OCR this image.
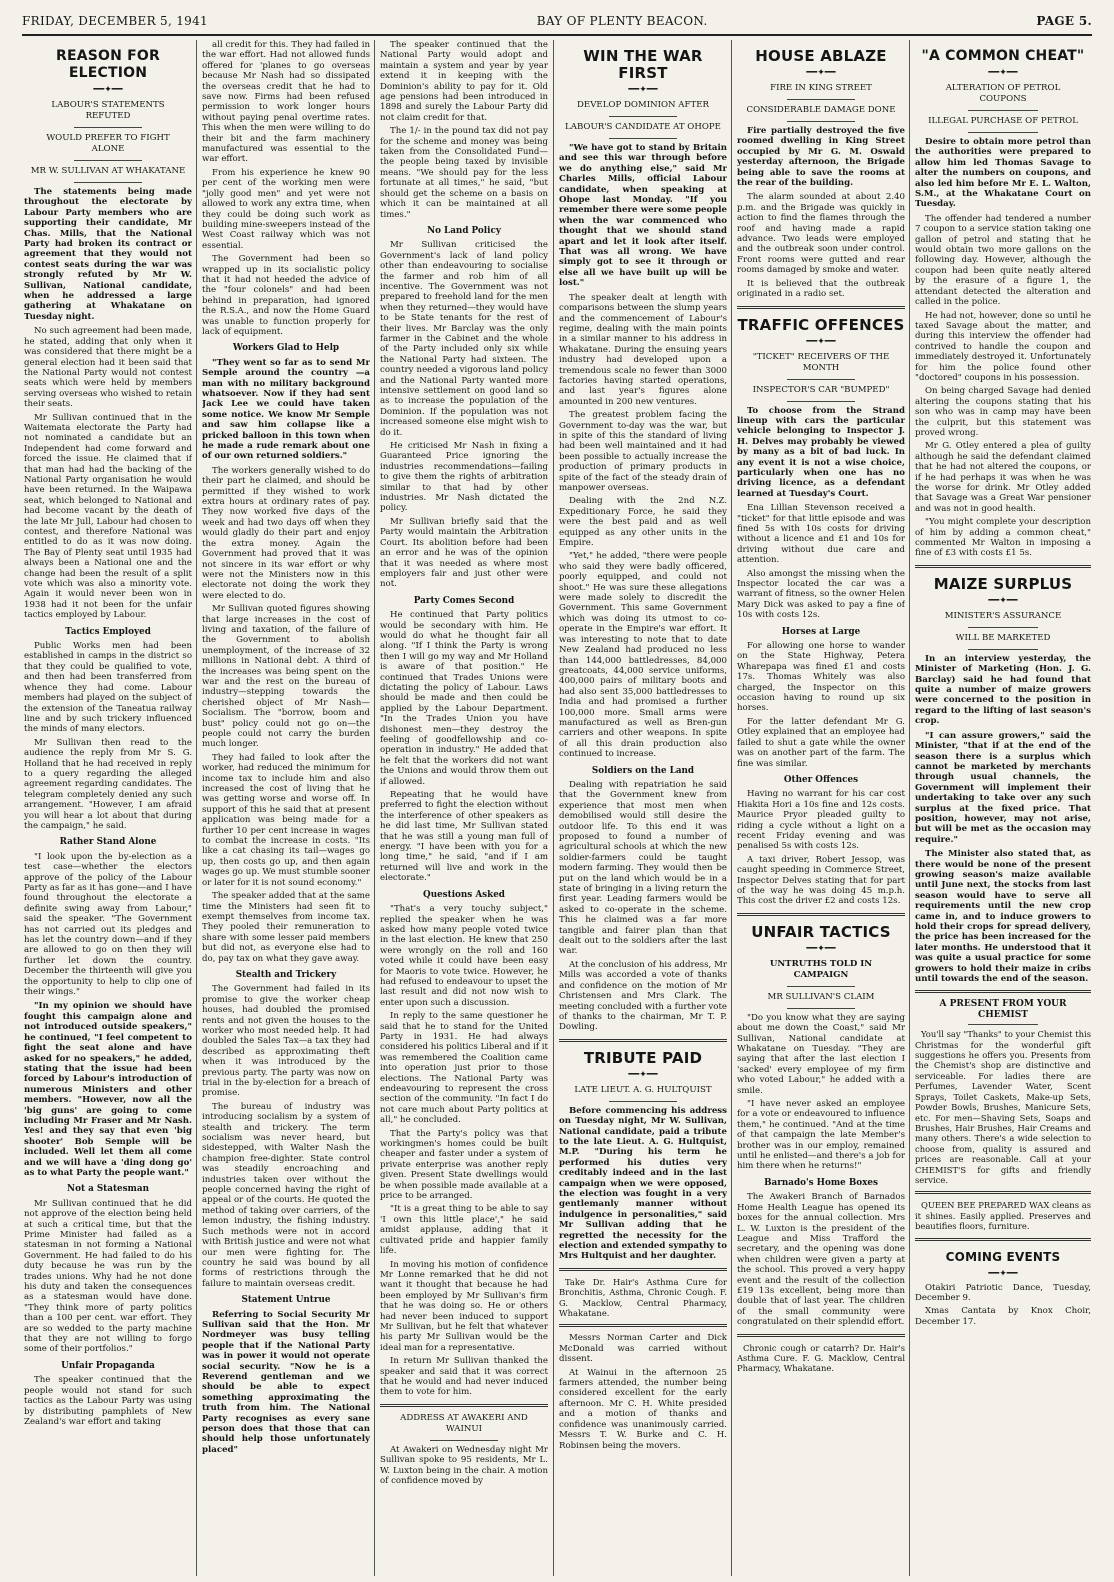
FRIDAY, DECEMBER 5, 1941	BAY OF PLENTY BEACON.	PAGE 5.
REASON FOR ELECTION
━━✦━━
LABOUR'S STATEMENTS REFUTED
WOULD PREFER TO FIGHT ALONE
MR W. SULLIVAN AT WHAKATANE

The statements being made throughout the electorate by Labour Party members who are supporting their candidate, Mr Chas. Mills, that the National Party had broken its contract or agreement that they would not contest seats during the war was strongly refuted by Mr W. Sullivan, National candidate, when he addressed a large gathering at Whakatane on Tuesday night.

No such agreement had been made, he stated, adding that only when it was considered that there might be a general election had it been said that the National Party would not contest seats which were held by members serving overseas who wished to retain their seats.

Mr Sullivan continued that in the Waitemata electorate the Party had not nominated a candidate but an Independent had come forward and forced the issue. He claimed that if that man had had the backing of the National Party organisation he would have been returned. In the Waipawa seat, which belonged to National and had become vacant by the death of the late Mr Jull, Labour had chosen to contest, and therefore National was entitled to do as it was now doing. The Bay of Plenty seat until 1935 had always been a National one and the change had been the result of a split vote which was also a minority vote. Again it would never been won in 1938 had it not been for the unfair tactics employed by Labour.

Tactics Employed

Public Works men had been established in camps in the district so that they could be qualified to vote, and then had been transferred from whence they had come. Labour members had played on the subject of the extension of the Taneatua railway line and by such trickery influenced the minds of many electors.

Mr Sullivan then read to the audience the reply from Mr S. G. Holland that he had received in reply to a query regarding the alleged agreement regarding candidates. The telegram completely denied any such arrangement. "However, I am afraid you will hear a lot about that during the campaign," he said.

Rather Stand Alone

"I look upon the by-election as a test case—whether the electors approve of the policy of the Labour Party as far as it has gone—and I have found throughout the electorate a definite swing away from Labour," said the speaker. "The Government has not carried out its pledges and has let the country down—and if they are allowed to go on then they will further let down the country. December the thirteenth will give you the opportunity to help to clip one of their wings."

"In my opinion we should have fought this campaign alone and not introduced outside speakers," he continued, "I feel competent to fight the seat alone and have asked for no speakers," he added, stating that the issue had been forced by Labour's introduction of numerous Ministers and other members. "However, now all the 'big guns' are going to come including Mr Fraser and Mr Nash. Yes! and they say that even 'big shooter' Bob Semple will be included. Well let them all come and we will have a 'ding dong go' as to what Party the people want."

Not a Statesman

Mr Sullivan continued that he did not approve of the election being held at such a critical time, but that the Prime Minister had failed as a statesman in not forming a National Government. He had failed to do his duty because he was run by the trades unions. Why had he not done his duty and taken the consequences as a statesman would have done. "They think more of party politics than a 100 per cent. war effort. They are so wedded to the party machine that they are not willing to forgo some of their portfolios."

Unfair Propaganda

The speaker continued that the people would not stand for such tactics as the Labour Party was using by distributing pamphlets of New Zealand's war effort and taking

all credit for this. They had failed in the war effort. Had not allowed funds offered for 'planes to go overseas because Mr Nash had so dissipated the overseas credit that he had to save now. Firms had been refused permission to work longer hours without paying penal overtime rates. This when the men were willing to do their bit and the farm machinery manufactured was essential to the war effort.

From his experience he knew 90 per cent of the working men were "jolly good men" and yet were not allowed to work any extra time, when they could be doing such work as building mine-sweepers instead of the West Coast railway which was not essential.

The Government had been so wrapped up in its socialistic policy that it had not heeded the advice of the "four colonels" and had been behind in preparation, had ignored the R.S.A., and now the Home Guard was unable to function properly for lack of equipment.

Workers Glad to Help

"They went so far as to send Mr Semple around the country —a man with no military background whatsoever. Now if they had sent Jack Lee we could have taken some notice. We know Mr Semple and saw him collapse like a pricked balloon in this town when he made a rude remark about one of our own returned soldiers."

The workers generally wished to do their part he claimed, and should be permitted if they wished to work extra hours at ordinary rates of pay. They now worked five days of the week and had two days off when they would gladly do their part and enjoy the extra money. Again the Government had proved that it was not sincere in its war effort or why were not the Ministers now in this electorate not doing the work they were elected to do.

Mr Sullivan quoted figures showing that large increases in the cost of living and taxation, of the failure of the Government to abolish unemployment, of the increase of 32 millions in National debt. A third of the increases was being spent on the war and the rest on the bureau of industry—stepping towards the cherished object of Mr Nash—Socialism. The "borrow, boom and bust" policy could not go on—the people could not carry the burden much longer.

They had failed to look after the worker, had reduced the minimum for income tax to include him and also increased the cost of living that he was getting worse and worse off. In support of this he said that at present application was being made for a further 10 per cent increase in wages to combat the increase in costs. "Its like a cat chasing its tail—wages go up, then costs go up, and then again wages go up. We must stumble sooner or later for it is not sound economy."

The speaker added that at the same time the Ministers had seen fit to exempt themselves from income tax. They pooled their remuneration to share with some lesser paid members but did not, as everyone else had to do, pay tax on what they gave away.

Stealth and Trickery

The Government had failed in its promise to give the worker cheap houses, had doubled the promised rents and not given the houses to the worker who most needed help. It had doubled the Sales Tax—a tax they had described as approximating theft when it was introduced by the previous party. The party was now on trial in the by-election for a breach of promise.

The bureau of industry was introducing socialism by a system of stealth and trickery. The term socialism was never heard, but sidestepped, with Walter Nash the champion free-dighter. State control was steadily encroaching and industries taken over without the people concerned having the right of appeal or of the courts. He quoted the method of taking over carriers, of the lemon industry, the fishing industry. Such methods were not in accord with British justice and were not what our men were fighting for. The country he said was bound by all forms of restrictions through the failure to maintain overseas credit.

Statement Untrue

Referring to Social Security Mr Sullivan said that the Hon. Mr Nordmeyer was busy telling people that if the National Party was in power it would not operate social security. "Now he is a Reverend gentleman and we should be able to expect something approximating the truth from him. The National Party recognises as every sane person does that those that can should help those unfortunately placed"

The speaker continued that the National Party would adopt and maintain a system and year by year extend it in keeping with the Dominion's ability to pay for it. Old age pensions had been introduced in 1898 and surely the Labour Party did not claim credit for that.

The 1/- in the pound tax did not pay for the scheme and money was being taken from the Consolidated Fund—the people being taxed by invisible means. "We should pay for the less fortunate at all times," he said, "but should get the scheme on a basis on which it can be maintained at all times."

No Land Policy

Mr Sullivan criticised the Government's lack of land policy other than endeavouring to socialise the farmer and rob him of all incentive. The Government was not prepared to freehold land for the men when they returned—they would have to be State tenants for the rest of their lives. Mr Barclay was the only farmer in the Cabinet and the whole of the Party included only six while the National Party had sixteen. The country needed a vigorous land policy and the National Party wanted more intensive settlement on good land so as to increase the population of the Dominion. If the population was not increased someone else might wish to do it.

He criticised Mr Nash in fixing a Guaranteed Price ignoring the industries recommendations—failing to give them the rights of arbitration similar to that had by other industries. Mr Nash dictated the policy.

Mr Sullivan briefly said that the Party would maintain the Arbitration Court. Its abolition before had been an error and he was of the opinion that it was needed as where most employers fair and just other were not.

Party Comes Second

He continued that Party politics would be secondary with him. He would do what he thought fair all along. "If I think the Party is wrong then I will go my way and Mr Holland is aware of that position." He continued that Trades Unions were dictating the policy of Labour. Laws should be made and then could be applied by the Labour Department. "In the Trades Union you have dishonest men—they destroy the feeling of goodfellowship and co-operation in industry." He added that he felt that the workers did not want the Unions and would throw them out if allowed.

Repeating that he would have preferred to fight the election without the interference of other speakers as he did last time, Mr Sullivan stated that he was still a young man full of energy. "I have been with you for a long time," he said, "and if I am returned will live and work in the electorate."

Questions Asked

"That's a very touchy subject," replied the speaker when he was asked how many people voted twice in the last election. He knew that 250 were wrongly on the roll and 160 voted while it could have been easy for Maoris to vote twice. However, he had refused to endeavour to upset the last result and did not now wish to enter upon such a discussion.

In reply to the same questioner he said that he to stand for the United Party in 1931. He had always considered his politics Liberal and if it was remembered the Coalition came into operation just prior to those elections. The National Party was endeavouring to represent the cross section of the community. "In fact I do not care much about Party politics at all," he concluded.

That the Party's policy was that workingmen's homes could be built cheaper and faster under a system of private enterprise was another reply given. Present State dwellings would be when possible made available at a price to be arranged.

"It is a great thing to be able to say 'I own this little place'," he said amidst applause, adding that it cultivated pride and happier family life.

In moving his motion of confidence Mr Lonne remarked that he did not want it thought that because he had been employed by Mr Sullivan's firm that he was doing so. He or others had never been induced to support Mr Sullivan, but he felt that whatever his party Mr Sullivan would be the ideal man for a representative.

In return Mr Sullivan thanked the speaker and said that it was correct that he would and had never induced them to vote for him.

ADDRESS AT AWAKERI AND WAINUI

At Awakeri on Wednesday night Mr Sullivan spoke to 95 residents, Mr L. W. Luxton being in the chair. A motion of confidence moved by

WIN THE WAR FIRST
━━✦━━
DEVELOP DOMINION AFTER
LABOUR'S CANDIDATE AT OHOPE

"We have got to stand by Britain and see this war through before we do anything else," said Mr Charles Mills, official Labour candidate, when speaking at Ohope last Monday. "If you remember there were some people when the war commenced who thought that we should stand apart and let it look after itself. That was all wrong. We have simply got to see it through or else all we have built up will be lost."

The speaker dealt at length with comparisons between the slump years and the commencement of Labour's regime, dealing with the main points in a similar manner to his address in Whakatane. During the ensuing years industry had developed upon a tremendous scale no fewer than 3000 factories having started operations, and last year's figures alone amounted in 200 new ventures.

The greatest problem facing the Government to-day was the war, but in spite of this the standard of living had been well maintained and it had been possible to actually increase the production of primary products in spite of the fact of the steady drain of manpower overseas.

Dealing with the 2nd N.Z. Expeditionary Force, he said they were the best paid and as well equipped as any other units in the Empire.

"Yet," he added, "there were people who said they were badly officered, poorly equipped, and could not shoot." He was sure these allegations were made solely to discredit the Government. This same Government which was doing its utmost to co-operate in the Empire's war effort. It was interesting to note that to date New Zealand had produced no less than 144,000 battledresses, 84,000 greatcoats, 44,000 service uniforms, 400,000 pairs of military boots and had also sent 35,000 battledresses to India and had promised a further 100,000 more. Small arms were manufactured as well as Bren-gun carriers and other weapons. In spite of all this drain production also continued to increase.

Soldiers on the Land

Dealing with repatriation he said that the Government knew from experience that most men when demobilised would still desire the outdoor life. To this end it was proposed to found a number of agricultural schools at which the new soldier-farmers could be taught modern farming. They would then be put on the land which would be in a state of bringing in a living return the first year. Leading farmers would be asked to co-operate in the scheme. This he claimed was a far more tangible and fairer plan than that dealt out to the soldiers after the last war.

At the conclusion of his address, Mr Mills was accorded a vote of thanks and confidence on the motion of Mr Christensen and Mrs Clark. The meeting concluded with a further vote of thanks to the chairman, Mr T. P. Dowling.

TRIBUTE PAID
━━✦━━
LATE LIEUT. A. G. HULTQUIST

Before commencing his address on Tuesday night, Mr W. Sullivan, National candidate, paid a tribute to the late Lieut. A. G. Hultquist, M.P. "During his term he performed his duties very creditably indeed and in the last campaign when we were opposed, the election was fought in a very gentlemanly manner without indulgence in personalities," said Mr Sullivan adding that he regretted the necessity for the election and extended sympathy to Mrs Hultquist and her daughter.

Take Dr. Hair's Asthma Cure for Bronchitis, Asthma, Chronic Cough. F. G. Macklow, Central Pharmacy, Whakatane.

Messrs Norman Carter and Dick McDonald was carried without dissent.

At Wainui in the afternoon 25 farmers attended, the number being considered excellent for the early afternoon. Mr C. H. White presided and a motion of thanks and confidence was unanimously carried. Messrs T. W. Burke and C. H. Robinsen being the movers.

HOUSE ABLAZE
━━✦━━
FIRE IN KING STREET
CONSIDERABLE DAMAGE DONE

Fire partially destroyed the five roomed dwelling in King Street occupied by Mr G. M. Oswald yesterday afternoon, the Brigade being able to save the rooms at the rear of the building.

The alarm sounded at about 2.40 p.m. and the Brigade was quickly in action to find the flames through the roof and having made a rapid advance. Two leads were employed and the outbreak soon under control. Front rooms were gutted and rear rooms damaged by smoke and water.

It is believed that the outbreak originated in a radio set.

TRAFFIC OFFENCES
━━✦━━
"TICKET" RECEIVERS OF THE MONTH
INSPECTOR'S CAR "BUMPED"

To choose from the Strand lineup with cars the particular vehicle belonging to Inspector J. H. Delves may probably be viewed by many as a bit of bad luck. In any event it is not a wise choice, particularly when one has no driving licence, as a defendant learned at Tuesday's Court.

Ena Lillian Stevenson received a "ticket" for that little episode and was fined 5s with 10s costs for driving without a licence and £1 and 10s for driving without due care and attention.

Also amongst the missing when the Inspector located the car was a warrant of fitness, so the owner Helen Mary Dick was asked to pay a fine of 10s with costs 12s.

Horses at Large

For allowing one horse to wander on the State Highway, Petera Wharepapa was fined £1 and costs 17s. Thomas Whitely was also charged, the Inspector on this occasion having to round up six horses.

For the latter defendant Mr G. Otley explained that an employee had failed to shut a gate while the owner was on another part of the farm. The fine was similar.

Other Offences

Having no warrant for his car cost Hiakita Hori a 10s fine and 12s costs. Maurice Pryor pleaded guilty to riding a cycle without a light on a recent Friday evening and was penalised 5s with costs 12s.

A taxi driver, Robert Jessop, was caught speeding in Commerce Street, Inspector Delves stating that for part of the way he was doing 45 m.p.h. This cost the driver £2 and costs 12s.

UNFAIR TACTICS
━━✦━━
UNTRUTHS TOLD IN CAMPAIGN
MR SULLIVAN'S CLAIM

"Do you know what they are saying about me down the Coast," said Mr Sullivan, National candidate at Whakatane on Tuesday. "They are saying that after the last election I 'sacked' every employee of my firm who voted Labour," he added with a smile.

"I have never asked an employee for a vote or endeavoured to influence them," he continued. "And at the time of that campaign the late Member's brother was in our employ, remained until he enlisted—and there's a job for him there when he returns!"

Barnado's Home Boxes

The Awakeri Branch of Barnados Home Health League has opened its boxes for the annual collection. Mrs L. W. Luxton is the president of the League and Miss Trafford the secretary, and the opening was done when children were given a party at the school. This proved a very happy event and the result of the collection £19 13s excellent, being more than double that of last year. The children of the small community were congratulated on their splendid effort.

Chronic cough or catarrh? Dr. Hair's Asthma Cure. F. G. Macklow, Central Pharmacy, Whakatane.

"A COMMON CHEAT"
━━✦━━
ALTERATION OF PETROL COUPONS
ILLEGAL PURCHASE OF PETROL

Desire to obtain more petrol than the authorities were prepared to allow him led Thomas Savage to alter the numbers on coupons, and also led him before Mr E. L. Walton, S.M., at the Whakatane Court on Tuesday.

The offender had tendered a number 7 coupon to a service station taking one gallon of petrol and stating that he would obtain two more gallons on the following day. However, although the coupon had been quite neatly altered by the erasure of a figure 1, the attendant detected the alteration and called in the police.

He had not, however, done so until he taxed Savage about the matter, and during this interview the offender had contrived to handle the coupon and immediately destroyed it. Unfortunately for him the police found other "doctored" coupons in his possession.

On being charged Savage had denied altering the coupons stating that his son who was in camp may have been the culprit, but this statement was proved wrong.

Mr G. Otley entered a plea of guilty although he said the defendant claimed that he had not altered the coupons, or if he had perhaps it was when he was the worse for drink. Mr Otley added that Savage was a Great War pensioner and was not in good health.

"You might complete your description of him by adding a common cheat," commented Mr Walton in imposing a fine of £3 with costs £1 5s.

MAIZE SURPLUS
━━✦━━
MINISTER'S ASSURANCE
WILL BE MARKETED

In an interview yesterday, the Minister of Marketing (Hon. J. G. Barclay) said he had found that quite a number of maize growers were concerned to the position in regard to the lifting of last season's crop.

"I can assure growers," said the Minister, "that if at the end of the season there is a surplus which cannot be marketed by merchants through usual channels, the Government will implement their undertaking to take over any such surplus at the fixed price. That position, however, may not arise, but will be met as the occasion may require."

The Minister also stated that, as there would be none of the present growing season's maize available until June next, the stocks from last season would have to serve all requirements until the new crop came in, and to induce growers to hold their crops for spread delivery, the price has been increased for the later months. He understood that it was quite a usual practice for some growers to hold their maize in cribs until towards the end of the season.

A PRESENT FROM YOUR CHEMIST

You'll say "Thanks" to your Chemist this Christmas for the wonderful gift suggestions he offers you. Presents from the Chemist's shop are distinctive and serviceable. For ladies there are Perfumes, Lavender Water, Scent Sprays, Toilet Caskets, Make-up Sets, Powder Bowls, Brushes, Manicure Sets, etc. For men—Shaving Sets, Soaps and Brushes, Hair Brushes, Hair Creams and many others. There's a wide selection to choose from, quality is assured and prices are reasonable. Call at your CHEMIST'S for gifts and friendly service.

QUEEN BEE PREPARED WAX cleans as it shines. Easily applied. Preserves and beautifies floors, furniture.

COMING EVENTS
━━✦━━

Otakiri Patriotic Dance, Tuesday, December 9.

Xmas Cantata by Knox Choir, December 17.
